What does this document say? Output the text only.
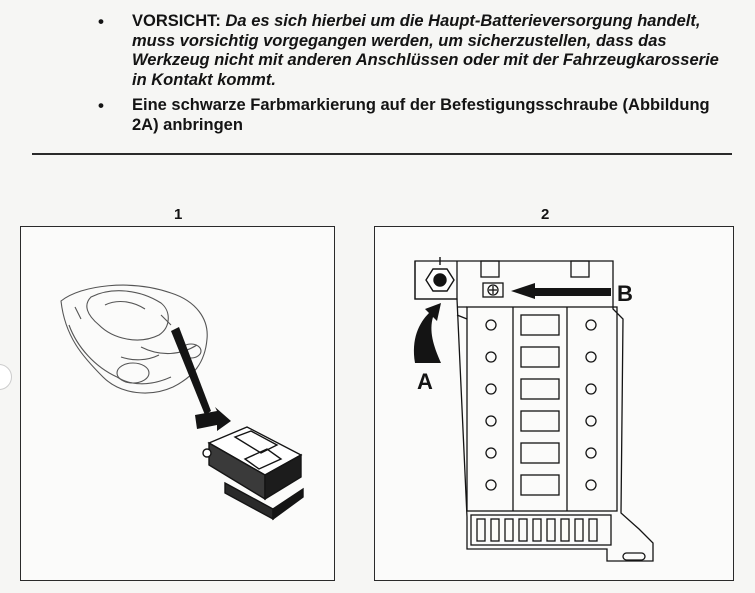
• VORSICHT: Da es sich hierbei um die Haupt-Batterieversorgung handelt, muss vorsichtig vorgegangen werden, um sicherzustellen, dass das Werkzeug nicht mit anderen Anschlüssen oder mit der Fahrzeugkarosserie in Kontakt kommt.
• Eine schwarze Farbmarkierung auf der Befestigungsschraube (Abbildung 2A) anbringen
1	2
A
B
